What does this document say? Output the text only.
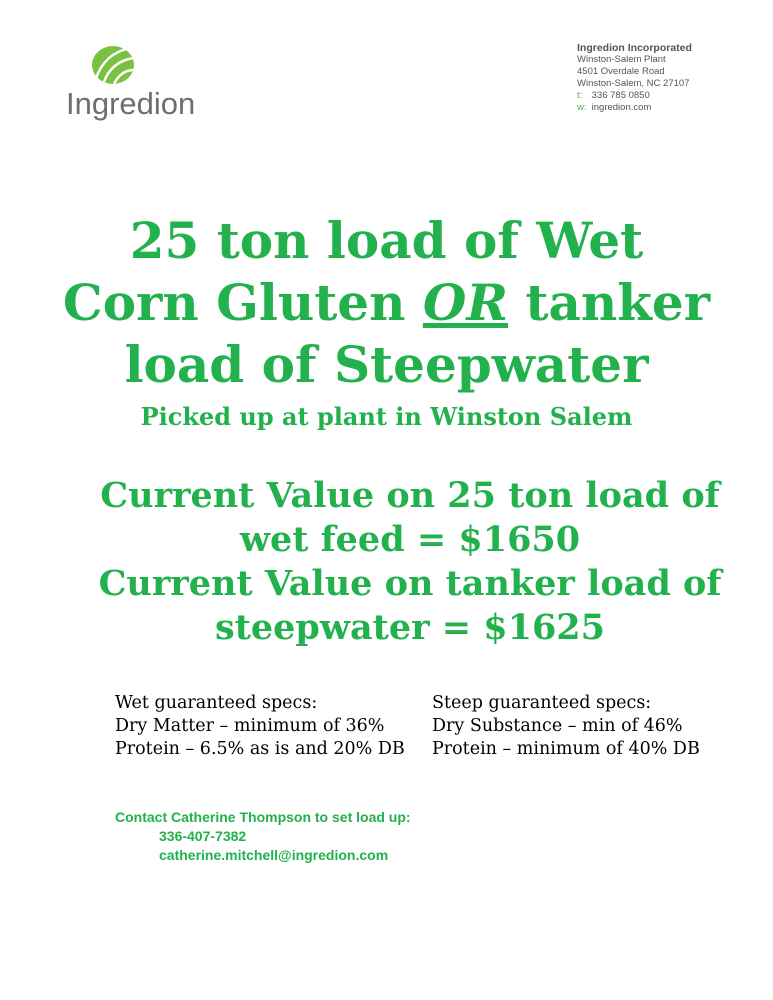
Ingredion
Ingredion Incorporated
Winston-Salem Plant
4501 Overdale Road
Winston-Salem, NC 27107
t: 336 785 0850
w: ingredion.com
25 ton load of Wet
Corn Gluten OR tanker
load of Steepwater
Picked up at plant in Winston Salem
Current Value on 25 ton load of
wet feed = $1650
Current Value on tanker load of
steepwater = $1625
Wet guaranteed specs:
Dry Matter – minimum of 36%
Protein – 6.5% as is and 20% DB
Steep guaranteed specs:
Dry Substance – min of 46%
Protein – minimum of 40% DB
Contact Catherine Thompson to set load up:
336-407-7382
catherine.mitchell@ingredion.com
